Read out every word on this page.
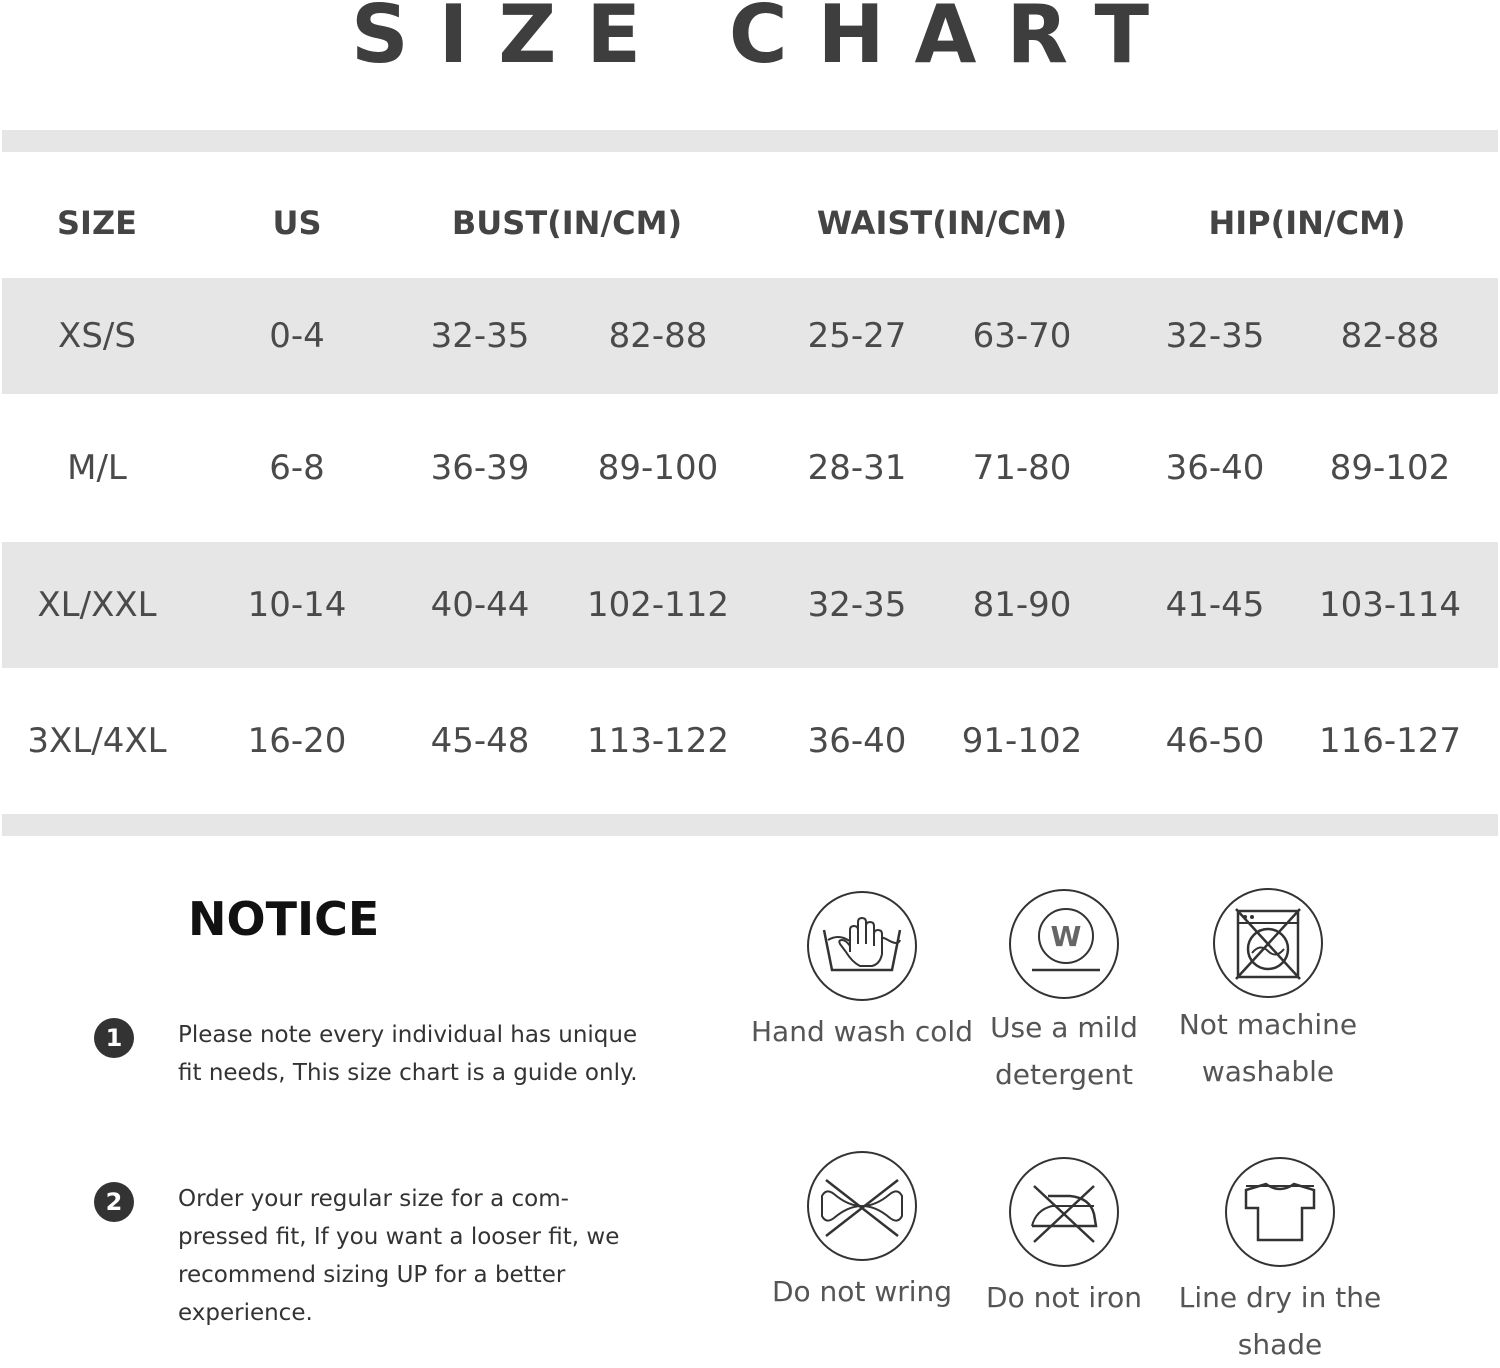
SIZE CHART
SIZE	US	BUST(IN/CM)	WAIST(IN/CM)	HIP(IN/CM)
XS/S	0-4	32-35	82-88	25-27	63-70	32-35	82-88
M/L	6-8	36-39	89-100	28-31	71-80	36-40	89-102
XL/XXL	10-14	40-44	102-112	32-35	81-90	41-45	103-114
3XL/4XL	16-20	45-48	113-122	36-40	91-102	46-50	116-127
NOTICE
1	Please note every individual has unique fit needs, This size chart is a guide only.
2	Order your regular size for a com-pressed fit, If you want a looser fit, we recommend sizing UP for a better experience.
Hand wash cold
W
Use a mild detergent
Not machine washable
Do not wring	Do not iron	Line dry in the shade
